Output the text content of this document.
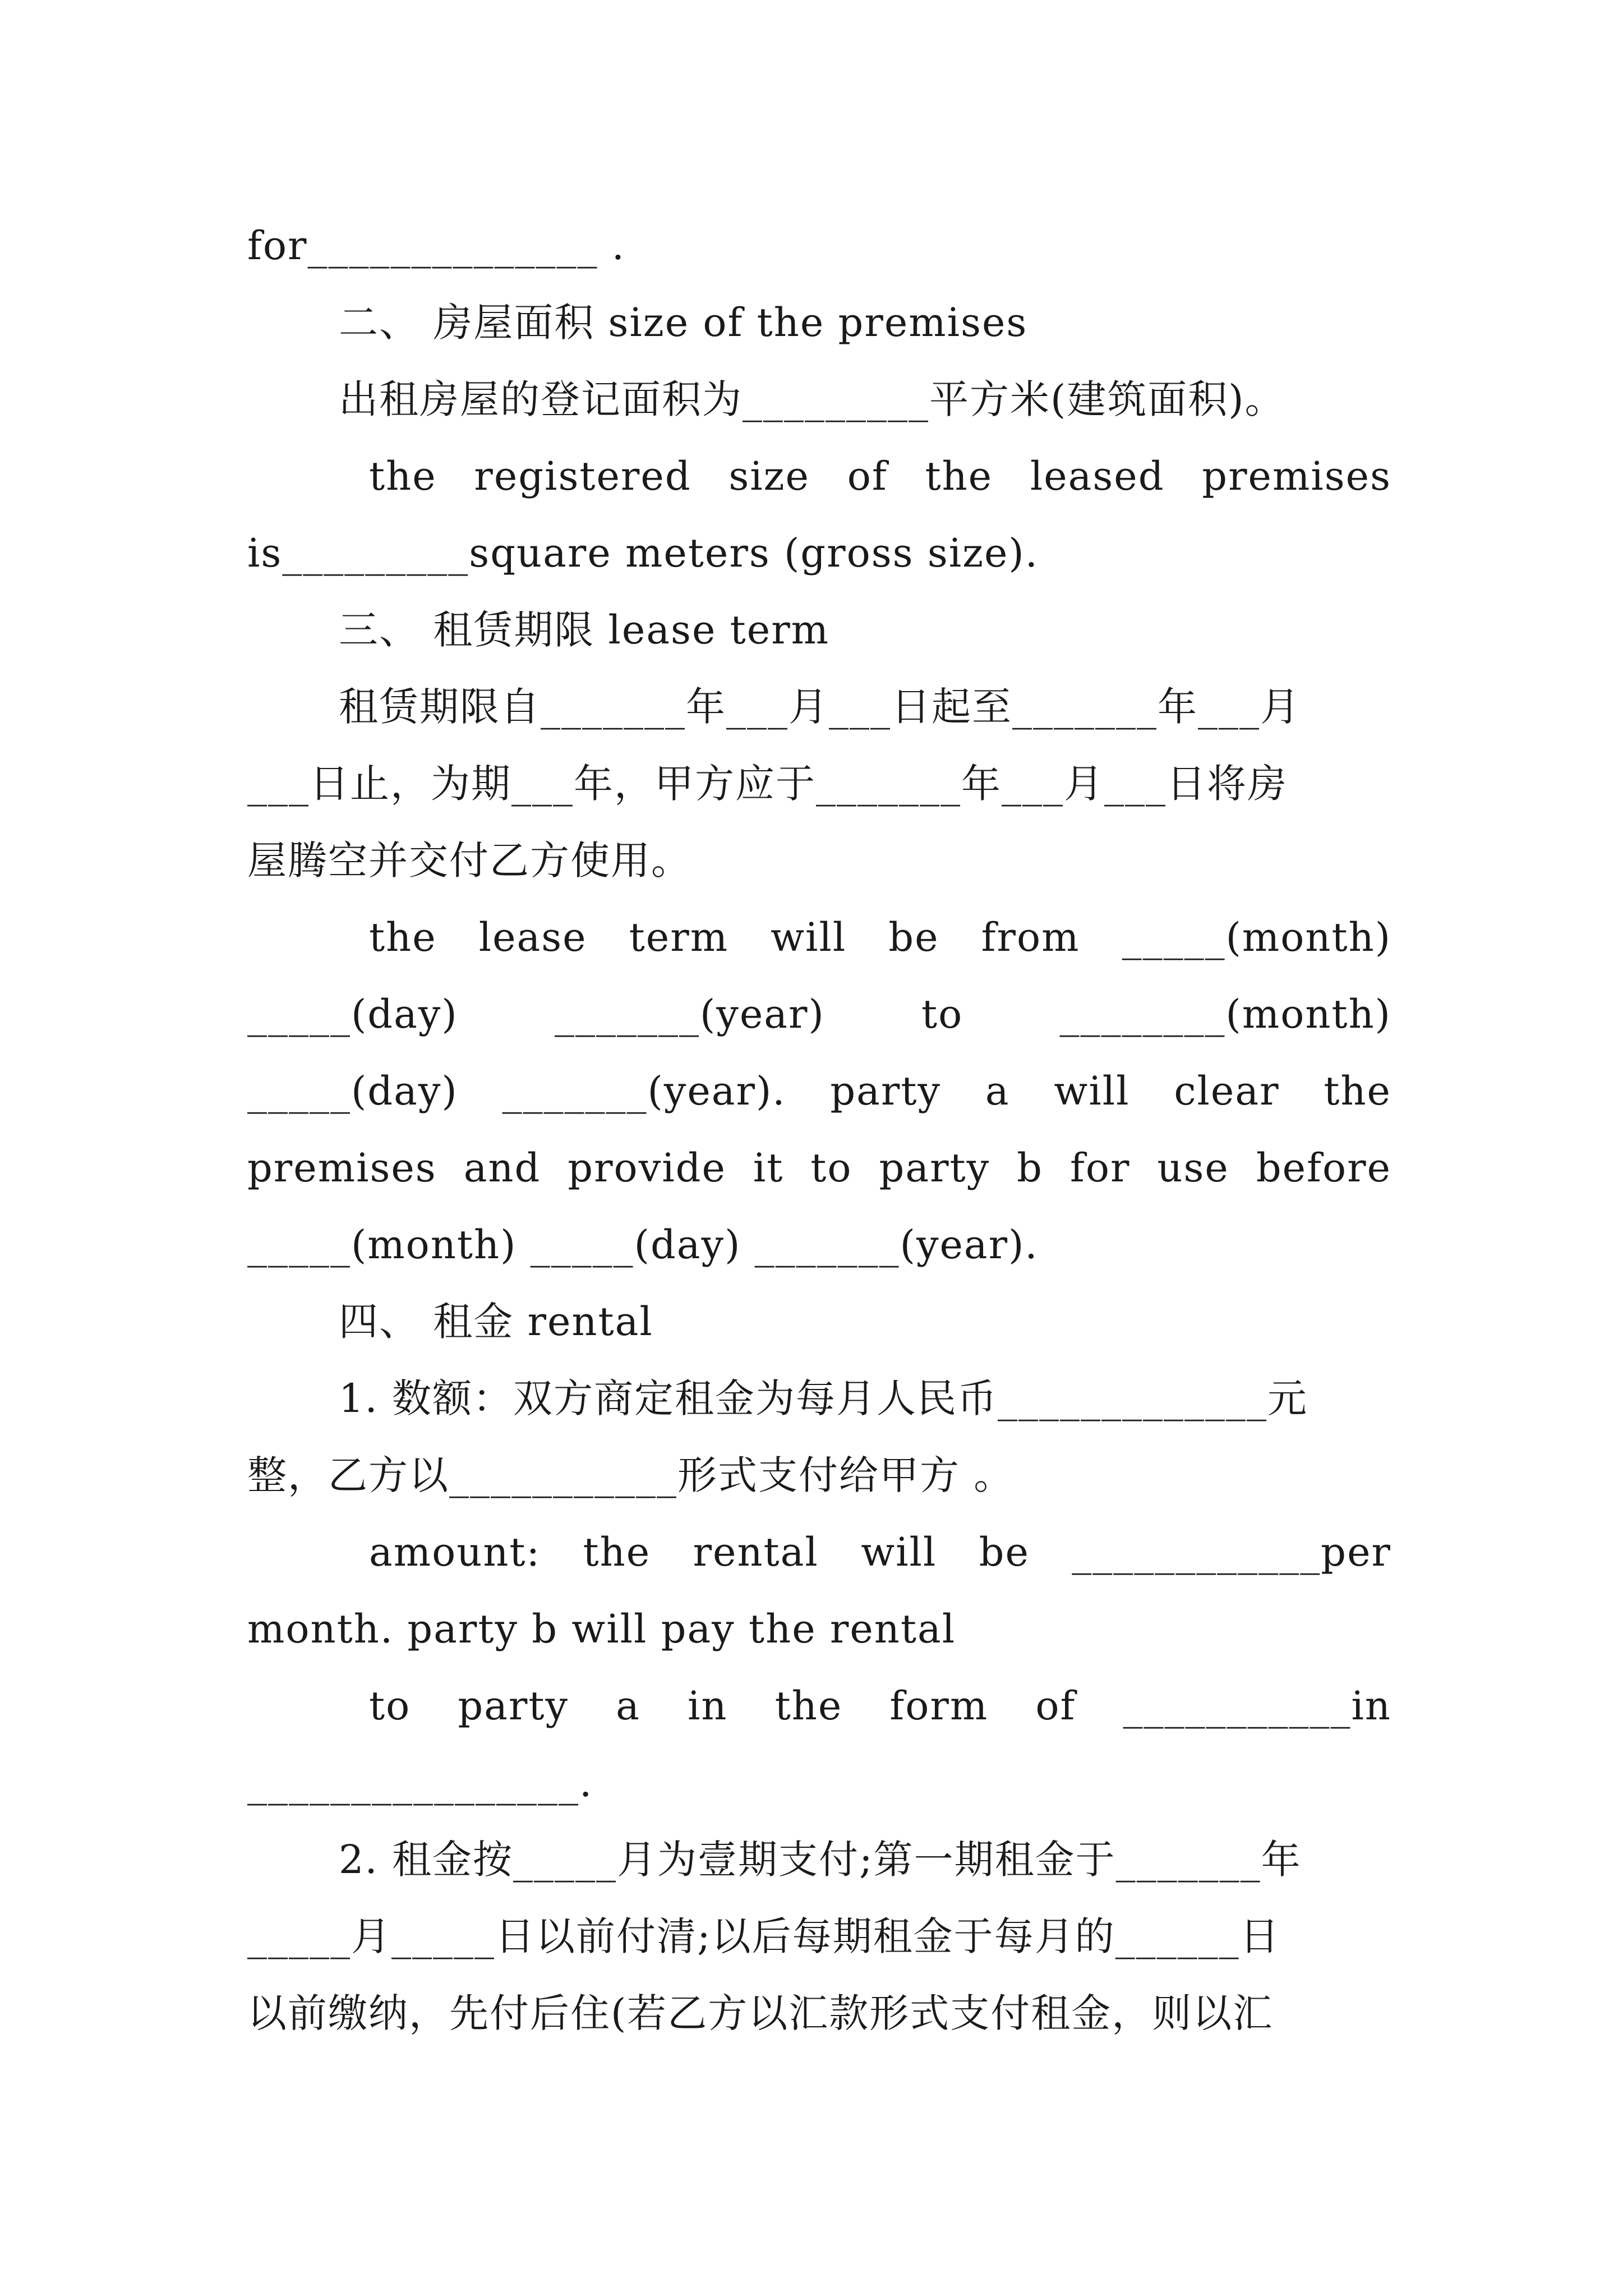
for______________ .
二、 房屋面积 size of the premises
出租房屋的登记面积为_________平方米(建筑面积)。
the registered size of the leased premises
is_________square meters (gross size).
三、 租赁期限 lease term
租赁期限自_______年___月___日起至_______年___月
___日止，为期___年，甲方应于_______年___月___日将房
屋腾空并交付乙方使用。
the lease term will be from _____(month)
_____(day) _______(year) to ________(month)
_____(day) _______(year). party a will clear the
premises and provide it to party b for use before
_____(month) _____(day) _______(year).
四、 租金 rental
1. 数额：双方商定租金为每月人民币_____________元
整，乙方以___________形式支付给甲方 。
amount: the rental will be ____________per
month. party b will pay the rental
to party a in the form of ___________in
________________.
2. 租金按_____月为壹期支付;第一期租金于_______年
_____月_____日以前付清;以后每期租金于每月的______日
以前缴纳，先付后住(若乙方以汇款形式支付租金，则以汇
